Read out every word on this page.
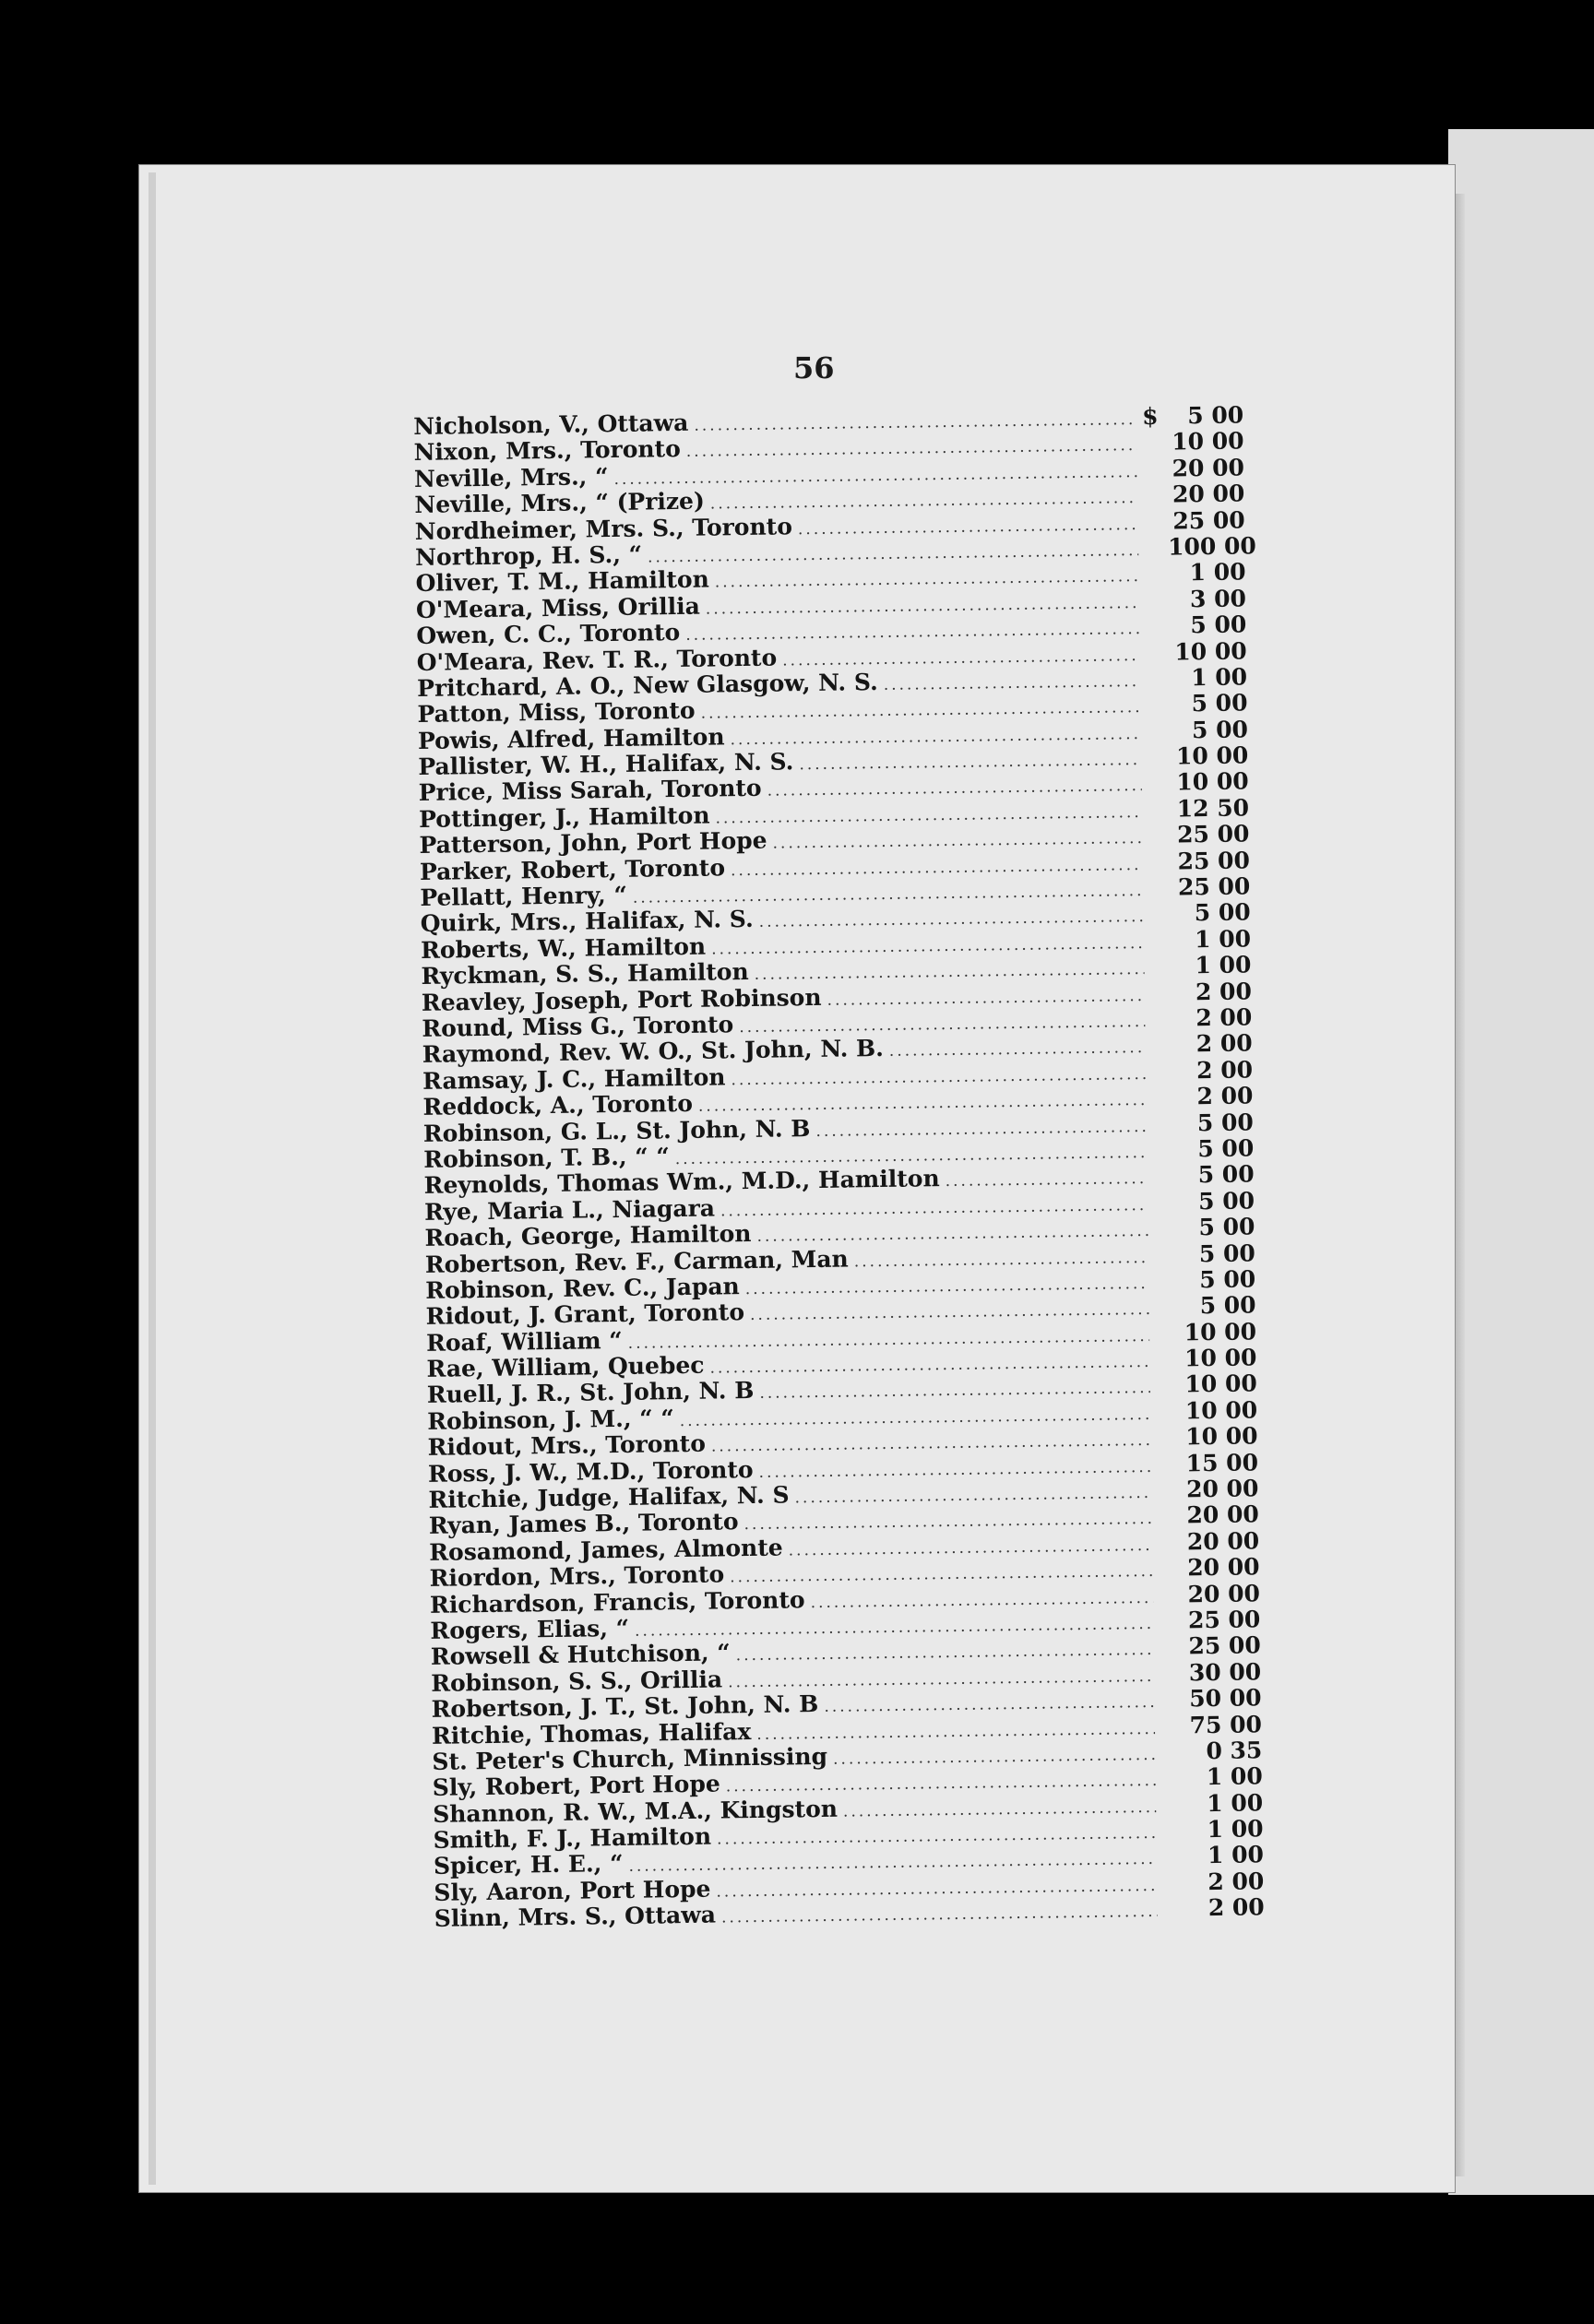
56
Nicholson, V., Ottawa .....	$	5 00
Nixon, Mrs., Toronto .....	10 00
Neville, Mrs., “ .....	20 00
Neville, Mrs., “ (Prize) .....	20 00
Nordheimer, Mrs. S., Toronto .....	25 00
Northrop, H. S., “ .....	100 00
Oliver, T. M., Hamilton .....	1 00
O'Meara, Miss, Orillia .....	3 00
Owen, C. C., Toronto .....	5 00
O'Meara, Rev. T. R., Toronto .....	10 00
Pritchard, A. O., New Glasgow, N. S. .....	1 00
Patton, Miss, Toronto .....	5 00
Powis, Alfred, Hamilton .....	5 00
Pallister, W. H., Halifax, N. S. .....	10 00
Price, Miss Sarah, Toronto .....	10 00
Pottinger, J., Hamilton .....	12 50
Patterson, John, Port Hope .....	25 00
Parker, Robert, Toronto .....	25 00
Pellatt, Henry, “ .....	25 00
Quirk, Mrs., Halifax, N. S. .....	5 00
Roberts, W., Hamilton .....	1 00
Ryckman, S. S., Hamilton .....	1 00
Reavley, Joseph, Port Robinson .....	2 00
Round, Miss G., Toronto .....	2 00
Raymond, Rev. W. O., St. John, N. B. .....	2 00
Ramsay, J. C., Hamilton .....	2 00
Reddock, A., Toronto .....	2 00
Robinson, G. L., St. John, N. B .....	5 00
Robinson, T. B., “ “ .....	5 00
Reynolds, Thomas Wm., M.D., Hamilton .....	5 00
Rye, Maria L., Niagara .....	5 00
Roach, George, Hamilton .....	5 00
Robertson, Rev. F., Carman, Man .....	5 00
Robinson, Rev. C., Japan .....	5 00
Ridout, J. Grant, Toronto .....	5 00
Roaf, William “ .....	10 00
Rae, William, Quebec .....	10 00
Ruell, J. R., St. John, N. B .....	10 00
Robinson, J. M., “ “ .....	10 00
Ridout, Mrs., Toronto .....	10 00
Ross, J. W., M.D., Toronto .....	15 00
Ritchie, Judge, Halifax, N. S .....	20 00
Ryan, James B., Toronto .....	20 00
Rosamond, James, Almonte .....	20 00
Riordon, Mrs., Toronto .....	20 00
Richardson, Francis, Toronto .....	20 00
Rogers, Elias, “ .....	25 00
Rowsell & Hutchison, “ .....	25 00
Robinson, S. S., Orillia .....	30 00
Robertson, J. T., St. John, N. B .....	50 00
Ritchie, Thomas, Halifax .....	75 00
St. Peter's Church, Minnissing .....	0 35
Sly, Robert, Port Hope .....	1 00
Shannon, R. W., M.A., Kingston .....	1 00
Smith, F. J., Hamilton .....	1 00
Spicer, H. E., “ .....	1 00
Sly, Aaron, Port Hope .....	2 00
Slinn, Mrs. S., Ottawa .....	2 00
